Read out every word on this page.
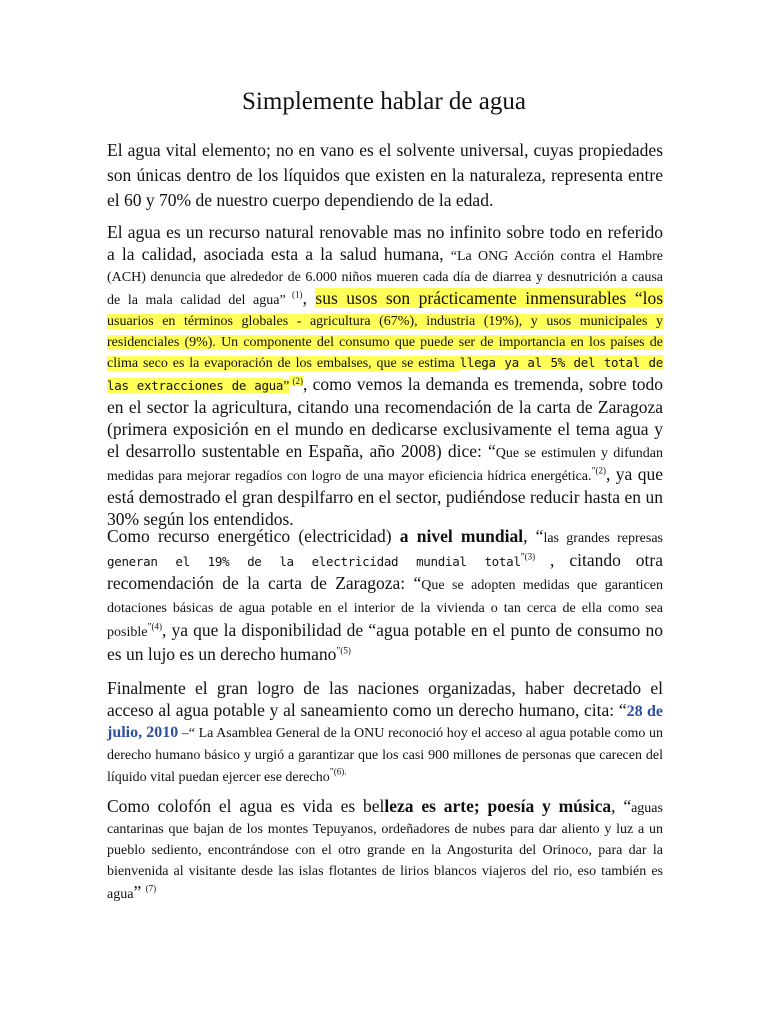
Simplemente hablar de agua

El agua vital elemento; no en vano es el solvente universal, cuyas propiedades son únicas dentro de los líquidos que existen en la naturaleza, representa entre el 60 y 70% de nuestro cuerpo dependiendo de la edad.

El agua es un recurso natural renovable mas no infinito sobre todo en referido a la calidad, asociada esta a la salud humana, “La ONG Acción contra el Hambre (ACH) denuncia que alrededor de 6.000 niños mueren cada día de diarrea y desnutrición a causa de la mala calidad del agua” $^{(1)}$, sus usos son prácticamente inmensurables “los usuarios en términos globales - agricultura (67%), industria (19%), y usos municipales y residenciales (9%). Un componente del consumo que puede ser de importancia en los países de clima seco es la evaporación de los embalses, que se estima llega ya al 5% del total de las extracciones de agua” $^{(2)}$, como vemos la demanda es tremenda, sobre todo en el sector la agricultura, citando una recomendación de la carta de Zaragoza (primera exposición en el mundo en dedicarse exclusivamente el tema agua y el desarrollo sustentable en España, año 2008) dice: “Que se estimulen y difundan medidas para mejorar regadíos con logro de una mayor eficiencia hídrica energética.$^{”(2)}$, ya que está demostrado el gran despilfarro en el sector, pudiéndose reducir hasta en un 30% según los entendidos.

Como recurso energético (electricidad) a nivel mundial, “las grandes represas generan el 19% de la electricidad mundial total$^{”(3)}$ , citando otra recomendación de la carta de Zaragoza: “Que se adopten medidas que garanticen dotaciones básicas de agua potable en el interior de la vivienda o tan cerca de ella como sea posible$^{”(4)}$, ya que la disponibilidad de “agua potable en el punto de consumo no es un lujo es un derecho humano$^{”(5)}$

Finalmente el gran logro de las naciones organizadas, haber decretado el acceso al agua potable y al saneamiento como un derecho humano, cita: “28 de julio, 2010 –“ La Asamblea General de la ONU reconoció hoy el acceso al agua potable como un derecho humano básico y urgió a garantizar que los casi 900 millones de personas que carecen del líquido vital puedan ejercer ese derecho$^{”(6).}$

Como colofón el agua es vida es belleza es arte; poesía y música, “aguas cantarinas que bajan de los montes Tepuyanos, ordeñadores de nubes para dar aliento y luz a un pueblo sediento, encontrándose con el otro grande en la Angosturita del Orinoco, para dar la bienvenida al visitante desde las islas flotantes de lirios blancos viajeros del rio, eso también es agua” $^{(7)}$
